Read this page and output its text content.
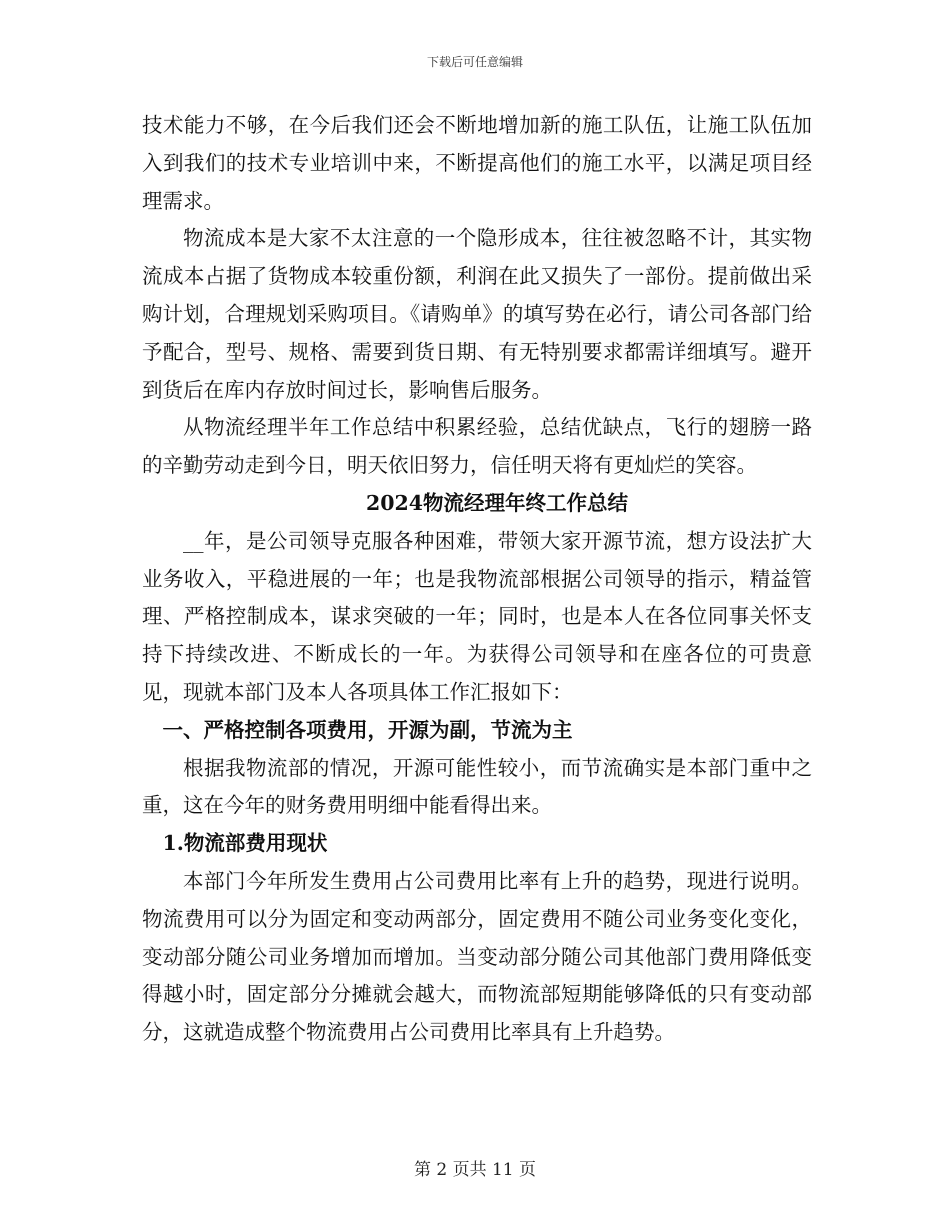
下载后可任意编辑

技术能力不够，在今后我们还会不断地增加新的施工队伍，让施工队伍加入到我们的技术专业培训中来，不断提高他们的施工水平，以满足项目经理需求。

物流成本是大家不太注意的一个隐形成本，往往被忽略不计，其实物流成本占据了货物成本较重份额，利润在此又损失了一部份。提前做出采购计划，合理规划采购项目。《请购单》的填写势在必行，请公司各部门给予配合，型号、规格、需要到货日期、有无特别要求都需详细填写。避开到货后在库内存放时间过长，影响售后服务。

从物流经理半年工作总结中积累经验，总结优缺点，飞行的翅膀一路的辛勤劳动走到今日，明天依旧努力，信任明天将有更灿烂的笑容。

2024物流经理年终工作总结

__年，是公司领导克服各种困难，带领大家开源节流，想方设法扩大业务收入，平稳进展的一年；也是我物流部根据公司领导的指示，精益管理、严格控制成本，谋求突破的一年；同时，也是本人在各位同事关怀支持下持续改进、不断成长的一年。为获得公司领导和在座各位的可贵意见，现就本部门及本人各项具体工作汇报如下：

一、严格控制各项费用，开源为副，节流为主

根据我物流部的情况，开源可能性较小，而节流确实是本部门重中之重，这在今年的财务费用明细中能看得出来。

1.物流部费用现状

本部门今年所发生费用占公司费用比率有上升的趋势，现进行说明。物流费用可以分为固定和变动两部分，固定费用不随公司业务变化变化，变动部分随公司业务增加而增加。当变动部分随公司其他部门费用降低变得越小时，固定部分分摊就会越大，而物流部短期能够降低的只有变动部分，这就造成整个物流费用占公司费用比率具有上升趋势。

第 2 页共 11 页
